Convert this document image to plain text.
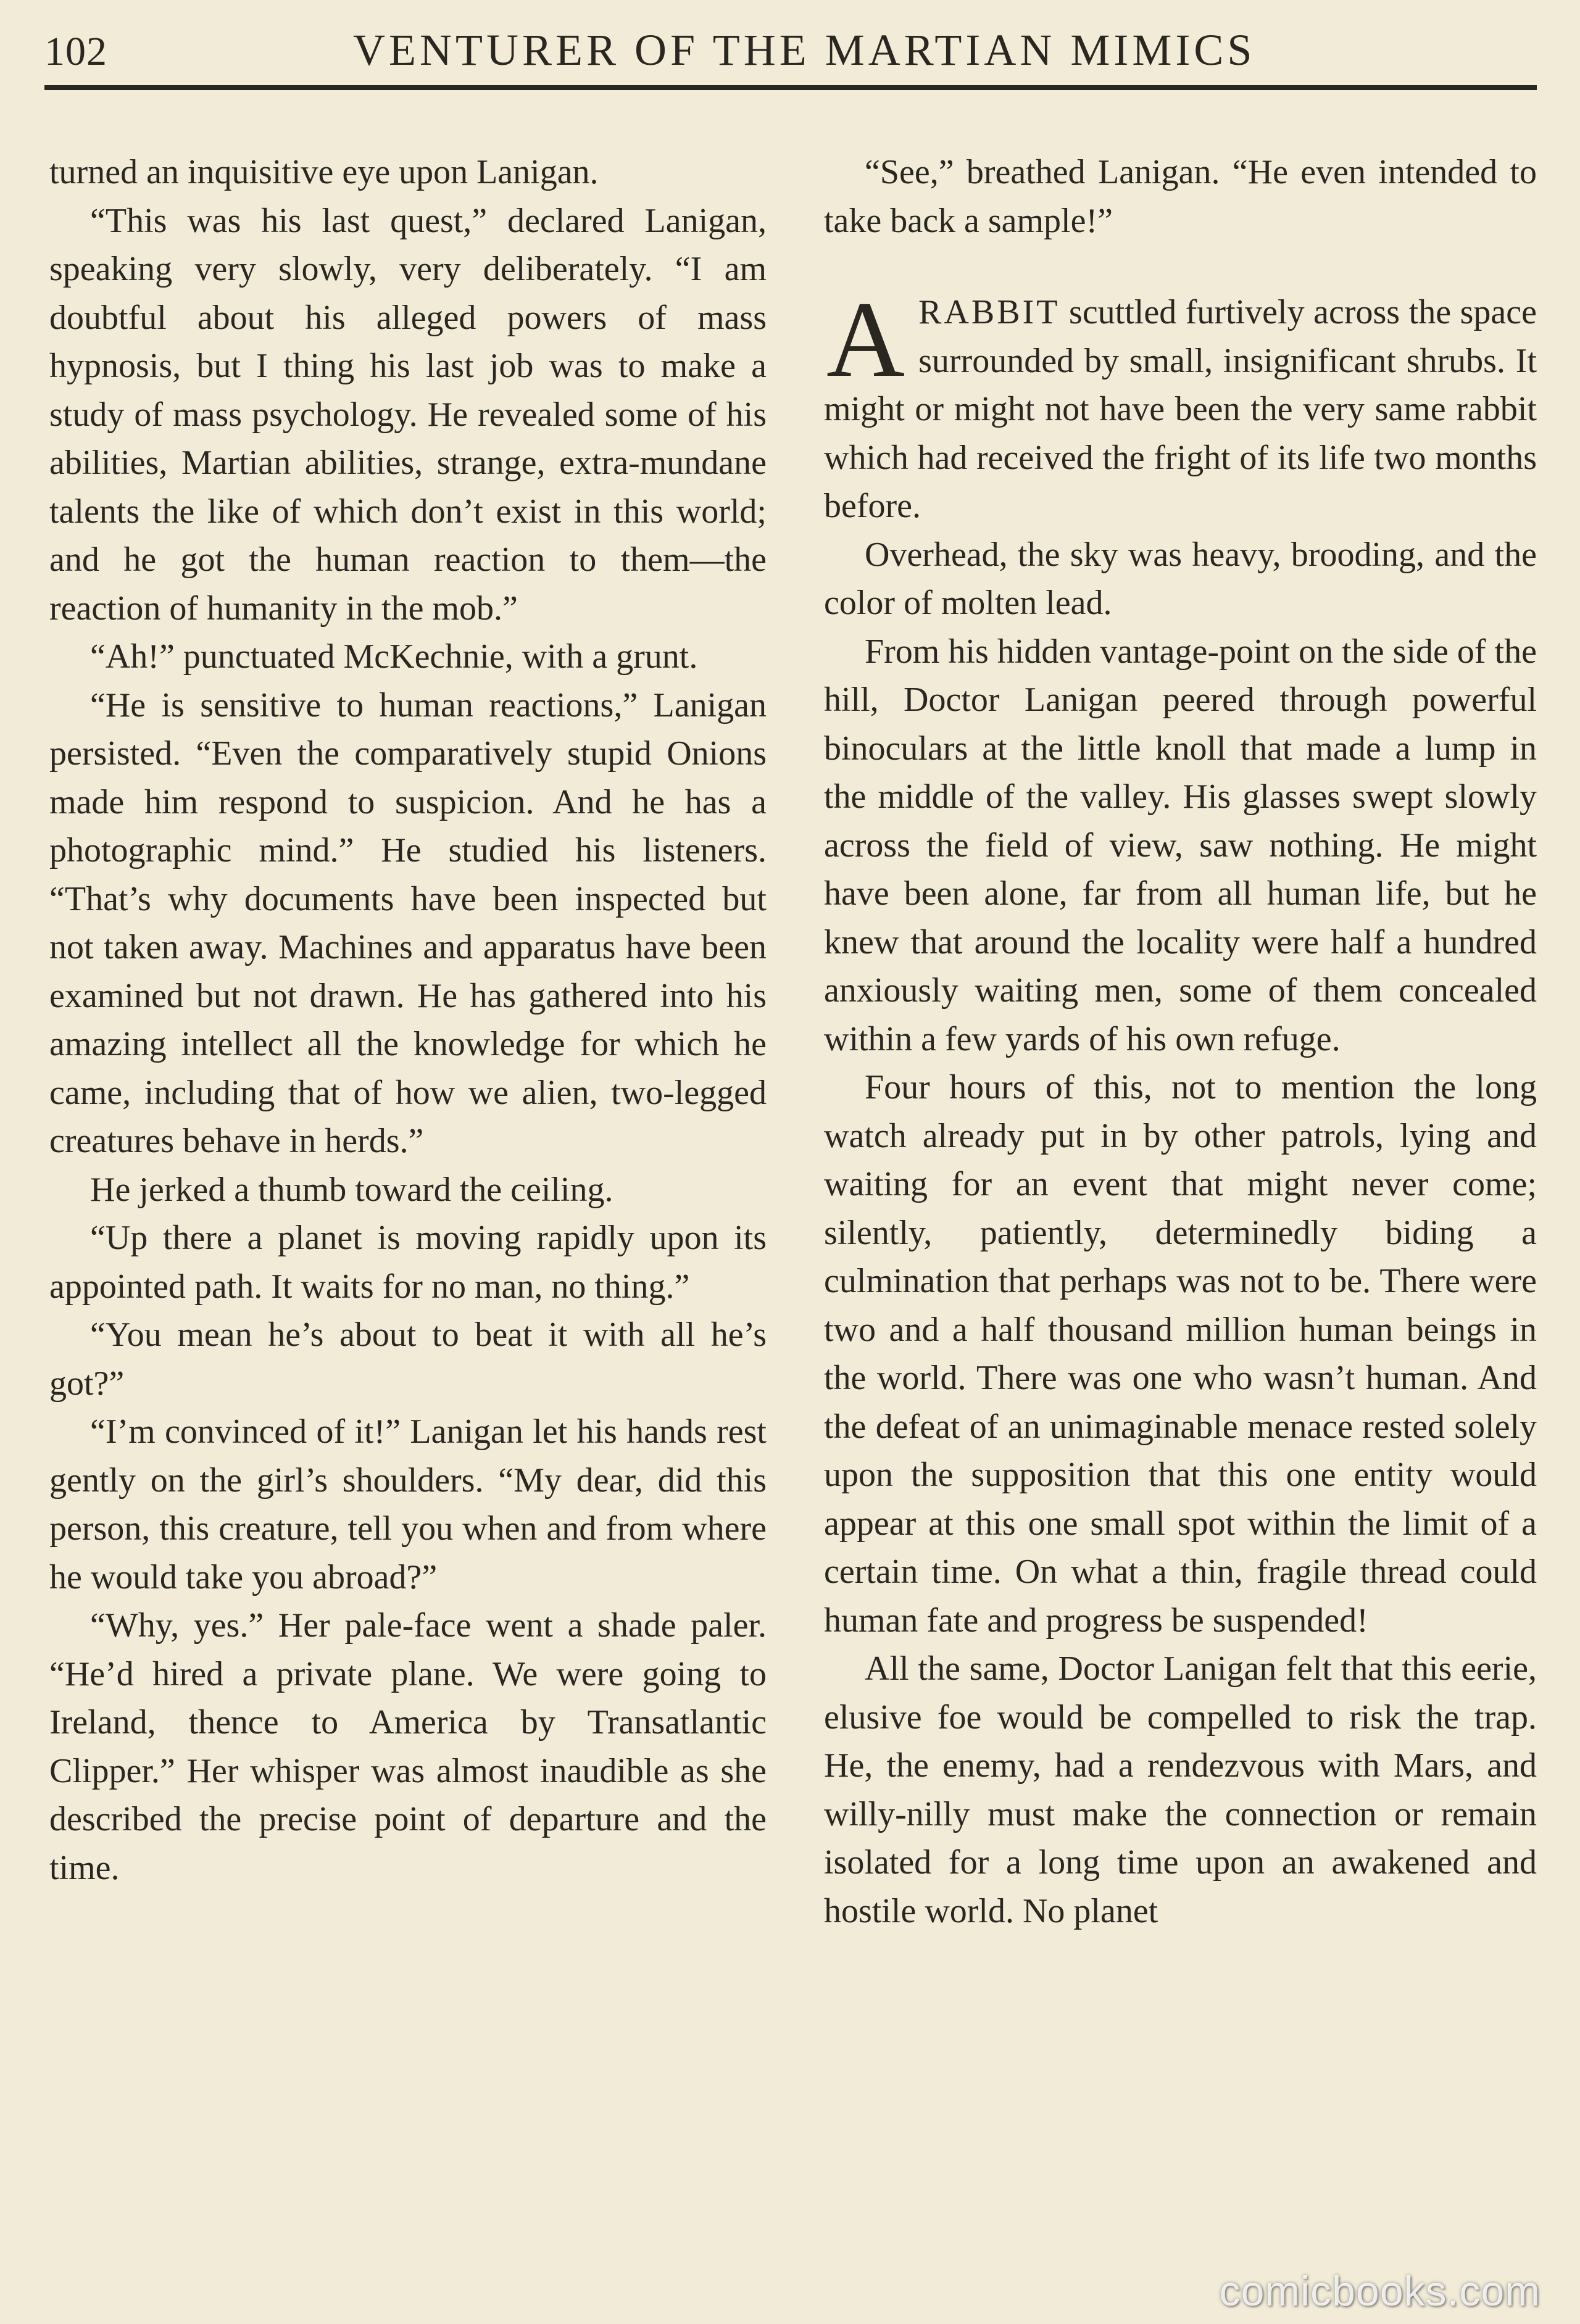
102	VENTURER OF THE MARTIAN MIMICS

turned an inquisitive eye upon Lanigan.

“This was his last quest,” declared Lanigan, speaking very slowly, very deliberately. “I am doubtful about his alleged powers of mass hypnosis, but I thing his last job was to make a study of mass psychology. He revealed some of his abilities, Martian abilities, strange, extra-mundane talents the like of which don’t exist in this world; and he got the human reaction to them—the reaction of humanity in the mob.”

“Ah!” punctuated McKechnie, with a grunt.

“He is sensitive to human reactions,” Lanigan persisted. “Even the comparatively stupid Onions made him respond to suspicion. And he has a photographic mind.” He studied his listeners. “That’s why documents have been inspected but not taken away. Machines and apparatus have been examined but not drawn. He has gathered into his amazing intellect all the knowledge for which he came, including that of how we alien, two-legged creatures behave in herds.”

He jerked a thumb toward the ceiling.

“Up there a planet is moving rapidly upon its appointed path. It waits for no man, no thing.”

“You mean he’s about to beat it with all he’s got?”

“I’m convinced of it!” Lanigan let his hands rest gently on the girl’s shoulders. “My dear, did this person, this creature, tell you when and from where he would take you abroad?”

“Why, yes.” Her pale-face went a shade paler. “He’d hired a private plane. We were going to Ireland, thence to America by Transatlantic Clipper.” Her whisper was almost inaudible as she described the precise point of departure and the time.

“See,” breathed Lanigan. “He even intended to take back a sample!”

ARABBIT scuttled furtively across the space surrounded by small, insignificant shrubs. It might or might not have been the very same rabbit which had received the fright of its life two months before.

Overhead, the sky was heavy, brooding, and the color of molten lead.

From his hidden vantage-point on the side of the hill, Doctor Lanigan peered through powerful binoculars at the little knoll that made a lump in the middle of the valley. His glasses swept slowly across the field of view, saw nothing. He might have been alone, far from all human life, but he knew that around the locality were half a hundred anxiously waiting men, some of them concealed within a few yards of his own refuge.

Four hours of this, not to mention the long watch already put in by other patrols, lying and waiting for an event that might never come; silently, patiently, determinedly biding a culmination that perhaps was not to be. There were two and a half thousand million human beings in the world. There was one who wasn’t human. And the defeat of an unimaginable menace rested solely upon the supposition that this one entity would appear at this one small spot within the limit of a certain time. On what a thin, fragile thread could human fate and progress be suspended!

All the same, Doctor Lanigan felt that this eerie, elusive foe would be compelled to risk the trap. He, the enemy, had a rendezvous with Mars, and willy-nilly must make the connection or remain isolated for a long time upon an awakened and hostile world. No planet

comicbooks.com
